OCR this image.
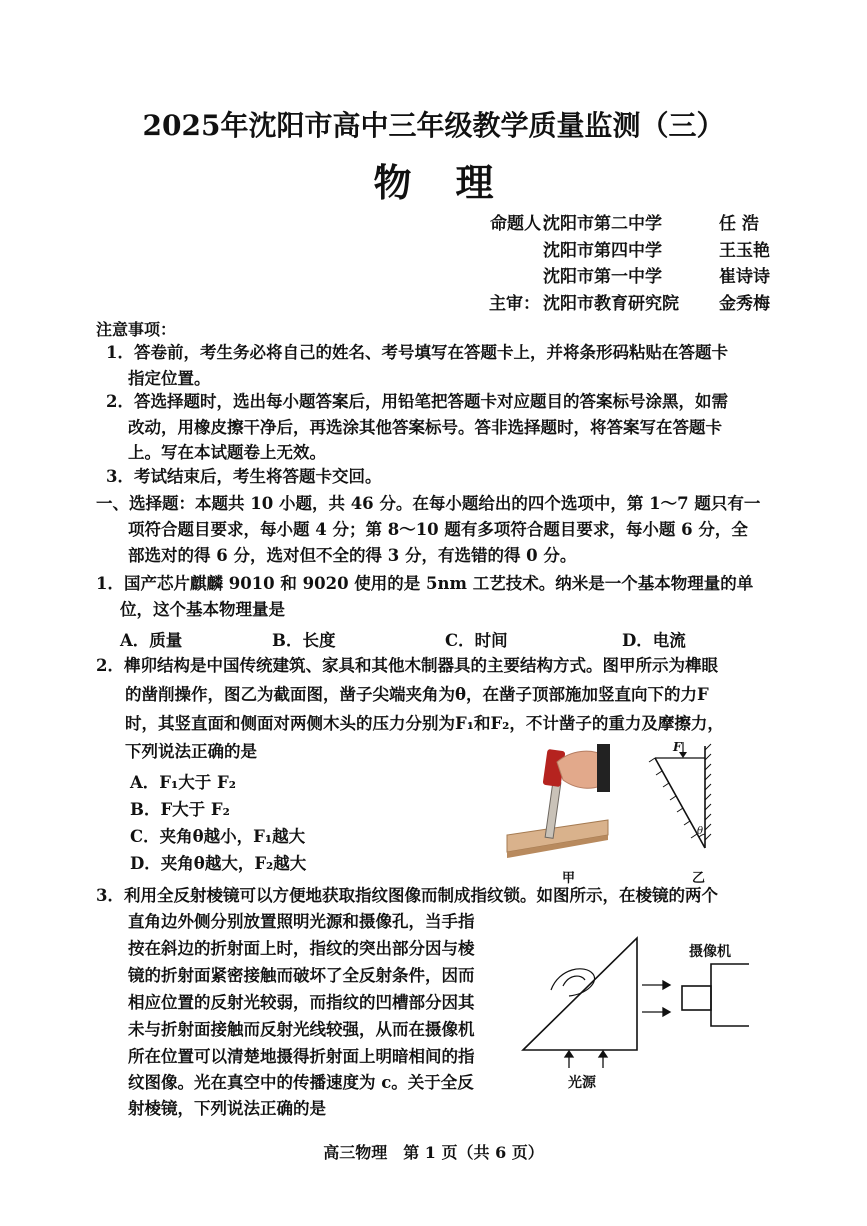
2025年沈阳市高中三年级教学质量监测（三）
物理
命题人：
沈阳市第二中学	任 浩
沈阳市第四中学	王玉艳
沈阳市第一中学	崔诗诗
主审： 沈阳市教育研究院 金秀梅
注意事项：
1．答卷前，考生务必将自己的姓名、考号填写在答题卡上，并将条形码粘贴在答题卡
指定位置。
2．答选择题时，选出每小题答案后，用铅笔把答题卡对应题目的答案标号涂黑，如需
改动，用橡皮擦干净后，再选涂其他答案标号。答非选择题时，将答案写在答题卡
上。写在本试题卷上无效。
3．考试结束后，考生将答题卡交回。
一、选择题：本题共 10 小题，共 46 分。在每小题给出的四个选项中，第 1～7 题只有一
项符合题目要求，每小题 4 分；第 8～10 题有多项符合题目要求，每小题 6 分，全
部选对的得 6 分，选对但不全的得 3 分，有选错的得 0 分。
1．国产芯片麒麟 9010 和 9020 使用的是 5nm 工艺技术。纳米是一个基本物理量的单
位，这个基本物理量是
A．质量	B．长度	C．时间	D．电流
2．榫卯结构是中国传统建筑、家具和其他木制器具的主要结构方式。图甲所示为榫眼
的凿削操作，图乙为截面图，凿子尖端夹角为θ，在凿子顶部施加竖直向下的力F
时，其竖直面和侧面对两侧木头的压力分别为F₁和F₂，不计凿子的重力及摩擦力，
下列说法正确的是
A．F₁大于 F₂
B．F大于 F₂
C．夹角θ越小，F₁越大
D．夹角θ越大，F₂越大
甲
F
θ
乙
3．利用全反射棱镜可以方便地获取指纹图像而制成指纹锁。如图所示，在棱镜的两个
直角边外侧分别放置照明光源和摄像孔，当手指
按在斜边的折射面上时，指纹的突出部分因与棱
镜的折射面紧密接触而破坏了全反射条件，因而
相应位置的反射光较弱，而指纹的凹槽部分因其
未与折射面接触而反射光线较强，从而在摄像机
所在位置可以清楚地摄得折射面上明暗相间的指
纹图像。光在真空中的传播速度为 c。关于全反
射棱镜，下列说法正确的是
摄像机
光源
高三物理　第 1 页（共 6 页）
